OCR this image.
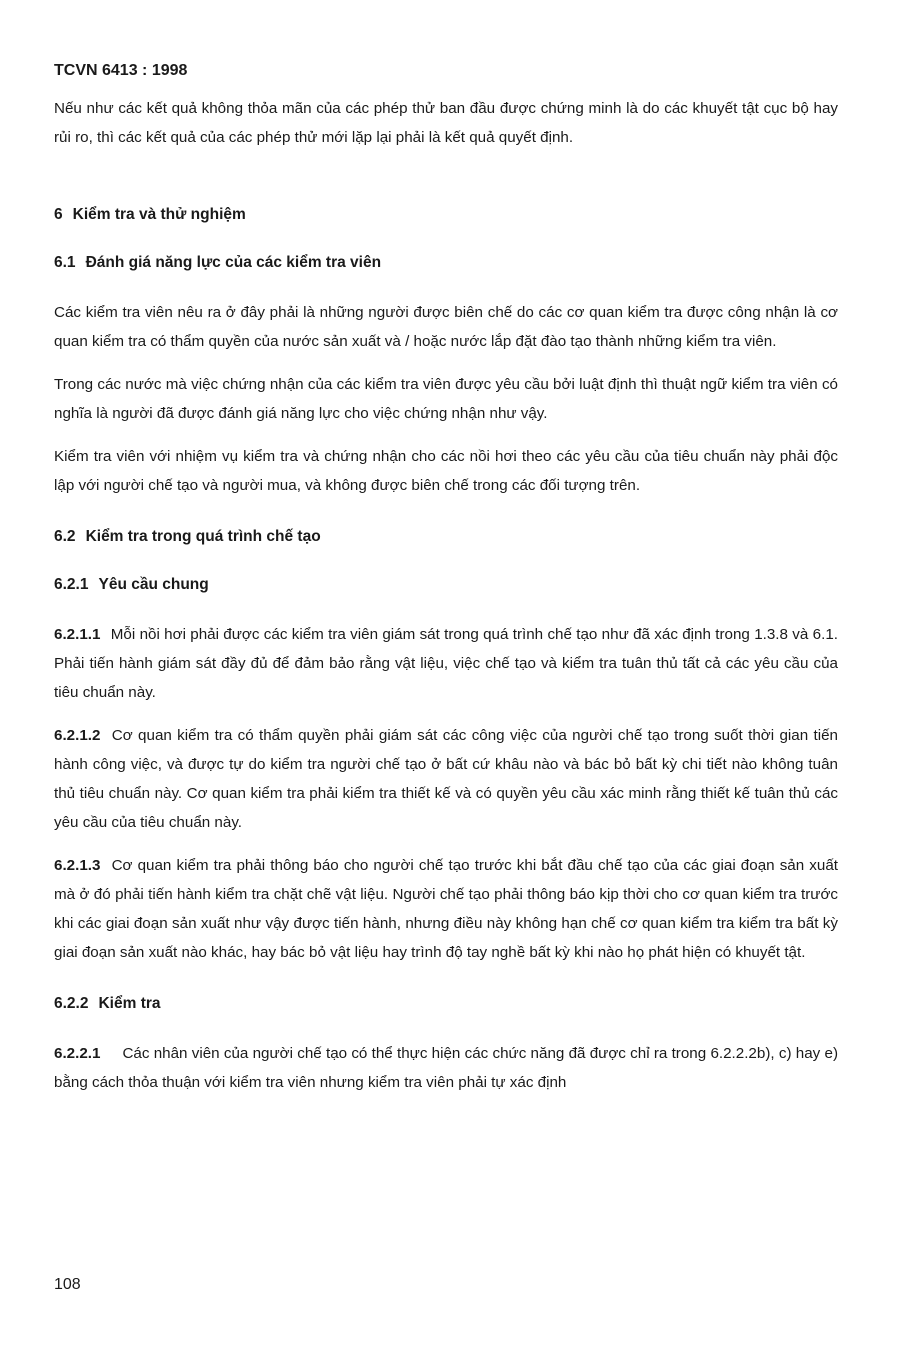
TCVN 6413 : 1998

Nếu như các kết quả không thỏa mãn của các phép thử ban đầu được chứng minh là do các khuyết tật cục bộ hay rủi ro, thì các kết quả của các phép thử mới lặp lại phải là kết quả quyết định.

6 Kiểm tra và thử nghiệm
6.1 Đánh giá năng lực của các kiểm tra viên

Các kiểm tra viên nêu ra ở đây phải là những người được biên chế do các cơ quan kiểm tra được công nhận là cơ quan kiểm tra có thẩm quyền của nước sản xuất và / hoặc nước lắp đặt đào tạo thành những kiểm tra viên.

Trong các nước mà việc chứng nhận của các kiểm tra viên được yêu cầu bởi luật định thì thuật ngữ kiểm tra viên có nghĩa là người đã được đánh giá năng lực cho việc chứng nhận như vậy.

Kiểm tra viên với nhiệm vụ kiểm tra và chứng nhận cho các nồi hơi theo các yêu cầu của tiêu chuẩn này phải độc lập với người chế tạo và người mua, và không được biên chế trong các đối tượng trên.

6.2 Kiểm tra trong quá trình chế tạo
6.2.1 Yêu cầu chung

6.2.1.1 Mỗi nồi hơi phải được các kiểm tra viên giám sát trong quá trình chế tạo như đã xác định trong 1.3.8 và 6.1. Phải tiến hành giám sát đầy đủ để đảm bảo rằng vật liệu, việc chế tạo và kiểm tra tuân thủ tất cả các yêu cầu của tiêu chuẩn này.

6.2.1.2 Cơ quan kiểm tra có thẩm quyền phải giám sát các công việc của người chế tạo trong suốt thời gian tiến hành công việc, và được tự do kiểm tra người chế tạo ở bất cứ khâu nào và bác bỏ bất kỳ chi tiết nào không tuân thủ tiêu chuẩn này. Cơ quan kiểm tra phải kiểm tra thiết kế và có quyền yêu cầu xác minh rằng thiết kế tuân thủ các yêu cầu của tiêu chuẩn này.

6.2.1.3 Cơ quan kiểm tra phải thông báo cho người chế tạo trước khi bắt đầu chế tạo của các giai đoạn sản xuất mà ở đó phải tiến hành kiểm tra chặt chẽ vật liệu. Người chế tạo phải thông báo kịp thời cho cơ quan kiểm tra trước khi các giai đoạn sản xuất như vậy được tiến hành, nhưng điều này không hạn chế cơ quan kiểm tra kiểm tra bất kỳ giai đoạn sản xuất nào khác, hay bác bỏ vật liệu hay trình độ tay nghề bất kỳ khi nào họ phát hiện có khuyết tật.

6.2.2 Kiểm tra

6.2.2.1 Các nhân viên của người chế tạo có thể thực hiện các chức năng đã được chỉ ra trong 6.2.2.2b), c) hay e) bằng cách thỏa thuận với kiểm tra viên nhưng kiểm tra viên phải tự xác định

108
